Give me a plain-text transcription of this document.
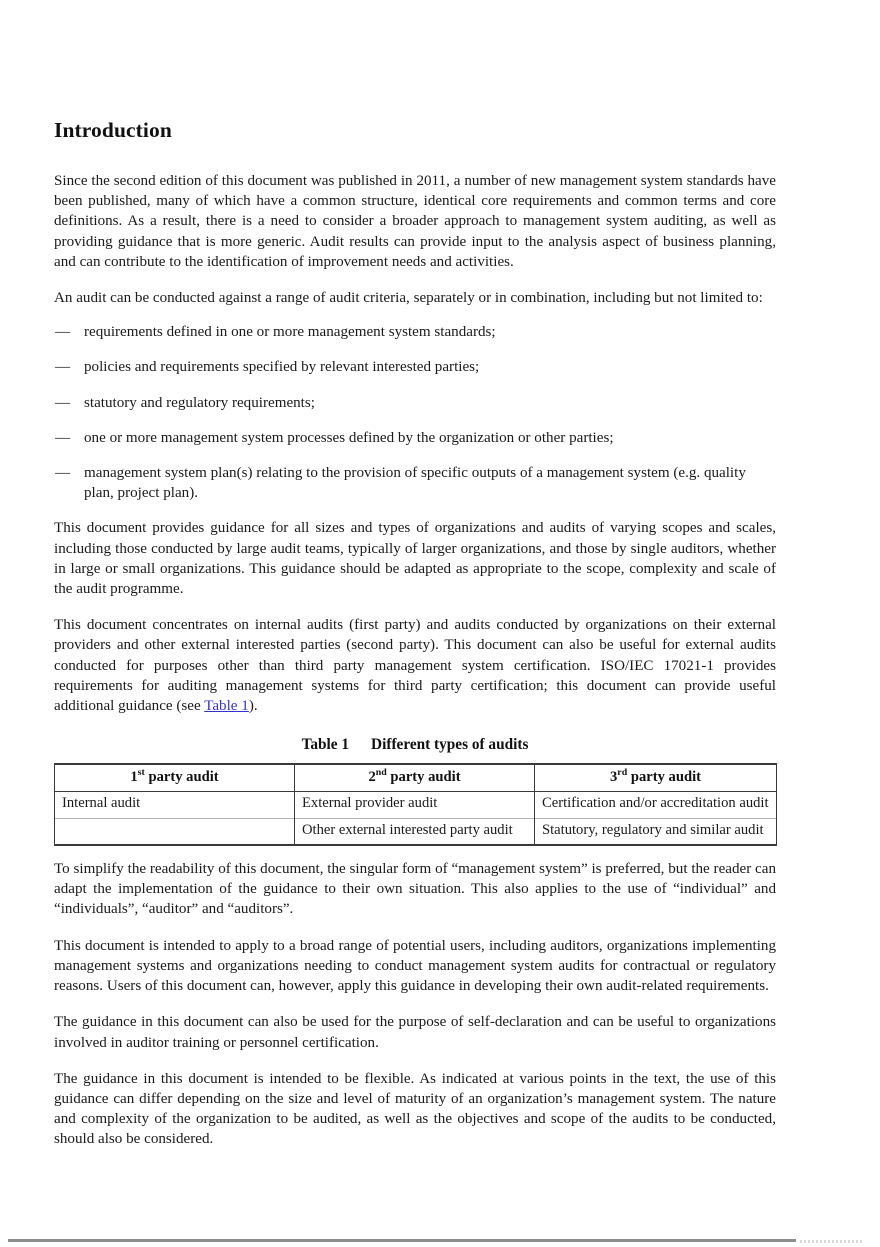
Introduction

Since the second edition of this document was published in 2011, a number of new management system standards have been published, many of which have a common structure, identical core requirements and common terms and core definitions. As a result, there is a need to consider a broader approach to management system auditing, as well as providing guidance that is more generic. Audit results can provide input to the analysis aspect of business planning, and can contribute to the identification of improvement needs and activities.

An audit can be conducted against a range of audit criteria, separately or in combination, including but not limited to:

— requirements defined in one or more management system standards;
— policies and requirements specified by relevant interested parties;
— statutory and regulatory requirements;
— one or more management system processes defined by the organization or other parties;
— management system plan(s) relating to the provision of specific outputs of a management system (e.g. quality plan, project plan).

This document provides guidance for all sizes and types of organizations and audits of varying scopes and scales, including those conducted by large audit teams, typically of larger organizations, and those by single auditors, whether in large or small organizations. This guidance should be adapted as appropriate to the scope, complexity and scale of the audit programme.

This document concentrates on internal audits (first party) and audits conducted by organizations on their external providers and other external interested parties (second party). This document can also be useful for external audits conducted for purposes other than third party management system certification. ISO/IEC 17021-1 provides requirements for auditing management systems for third party certification; this document can provide useful additional guidance (see Table 1).

Table 1 Different types of audits
1st party audit	2nd party audit	3rd party audit
Internal audit	External provider audit	Certification and/or accreditation audit
	Other external interested party audit	Statutory, regulatory and similar audit

To simplify the readability of this document, the singular form of “management system” is preferred, but the reader can adapt the implementation of the guidance to their own situation. This also applies to the use of “individual” and “individuals”, “auditor” and “auditors”.

This document is intended to apply to a broad range of potential users, including auditors, organizations implementing management systems and organizations needing to conduct management system audits for contractual or regulatory reasons. Users of this document can, however, apply this guidance in developing their own audit-related requirements.

The guidance in this document can also be used for the purpose of self-declaration and can be useful to organizations involved in auditor training or personnel certification.

The guidance in this document is intended to be flexible. As indicated at various points in the text, the use of this guidance can differ depending on the size and level of maturity of an organization’s management system. The nature and complexity of the organization to be audited, as well as the objectives and scope of the audits to be conducted, should also be considered.
